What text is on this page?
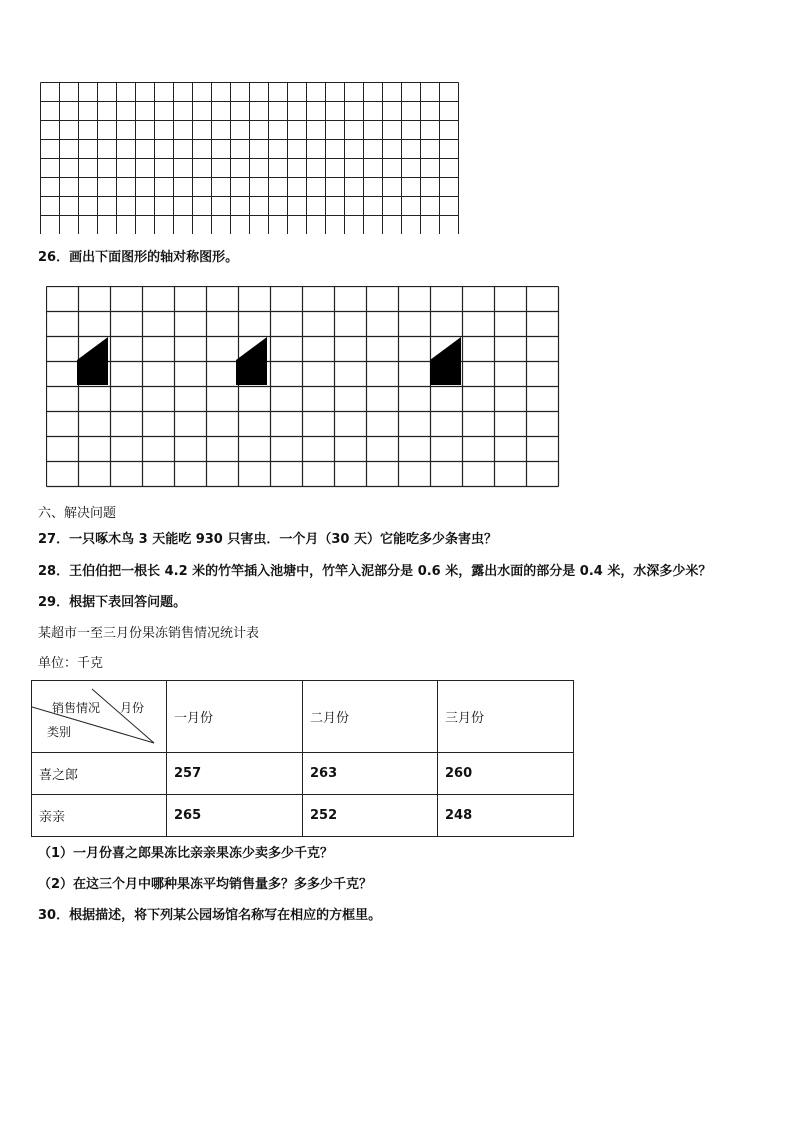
26．画出下面图形的轴对称图形。

六、解决问题

27．一只啄木鸟 3 天能吃 930 只害虫．一个月（30 天）它能吃多少条害虫？

28．王伯伯把一根长 4.2 米的竹竿插入池塘中，竹竿入泥部分是 0.6 米，露出水面的部分是 0.4 米，水深多少米？

29．根据下表回答问题。

某超市一至三月份果冻销售情况统计表

单位：千克

销售情况 月份
类别	一月份	二月份	三月份
喜之郎	257	263	260
亲亲	265	252	248

（1）一月份喜之郎果冻比亲亲果冻少卖多少千克？

（2）在这三个月中哪种果冻平均销售量多？多多少千克？

30．根据描述，将下列某公园场馆名称写在相应的方框里。
